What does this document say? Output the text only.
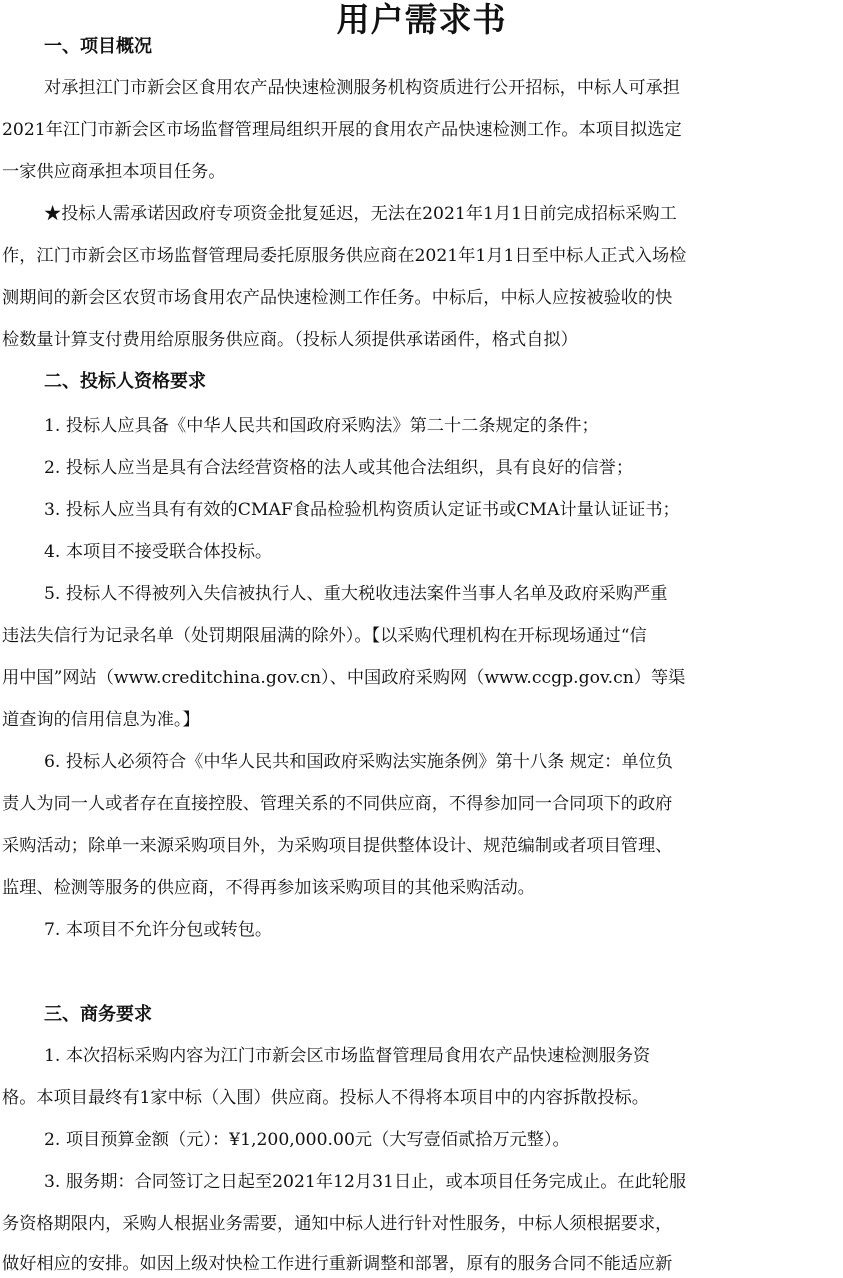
用户需求书
一、项目概况
对承担江门市新会区食用农产品快速检测服务机构资质进行公开招标，中标人可承担
2021年江门市新会区市场监督管理局组织开展的食用农产品快速检测工作。本项目拟选定
一家供应商承担本项目任务。
★投标人需承诺因政府专项资金批复延迟，无法在2021年1月1日前完成招标采购工
作，江门市新会区市场监督管理局委托原服务供应商在2021年1月1日至中标人正式入场检
测期间的新会区农贸市场食用农产品快速检测工作任务。中标后，中标人应按被验收的快
检数量计算支付费用给原服务供应商。（投标人须提供承诺函件，格式自拟）
二、投标人资格要求
1. 投标人应具备《中华人民共和国政府采购法》第二十二条规定的条件；
2. 投标人应当是具有合法经营资格的法人或其他合法组织，具有良好的信誉；
3. 投标人应当具有有效的CMAF食品检验机构资质认定证书或CMA计量认证证书；
4. 本项目不接受联合体投标。
5. 投标人不得被列入失信被执行人、重大税收违法案件当事人名单及政府采购严重
违法失信行为记录名单（处罚期限届满的除外）。【以采购代理机构在开标现场通过“信
用中国”网站（www.creditchina.gov.cn）、中国政府采购网（www.ccgp.gov.cn）等渠
道查询的信用信息为准。】
6. 投标人必须符合《中华人民共和国政府采购法实施条例》第十八条 规定：单位负
责人为同一人或者存在直接控股、管理关系的不同供应商，不得参加同一合同项下的政府
采购活动；除单一来源采购项目外，为采购项目提供整体设计、规范编制或者项目管理、
监理、检测等服务的供应商，不得再参加该采购项目的其他采购活动。
7. 本项目不允许分包或转包。
三、商务要求
1. 本次招标采购内容为江门市新会区市场监督管理局食用农产品快速检测服务资
格。本项目最终有1家中标（入围）供应商。投标人不得将本项目中的内容拆散投标。
2. 项目预算金额（元）：¥1,200,000.00元（大写壹佰贰拾万元整）。
3. 服务期：合同签订之日起至2021年12月31日止，或本项目任务完成止。在此轮服
务资格期限内，采购人根据业务需要，通知中标人进行针对性服务，中标人须根据要求，
做好相应的安排。如因上级对快检工作进行重新调整和部署，原有的服务合同不能适应新
